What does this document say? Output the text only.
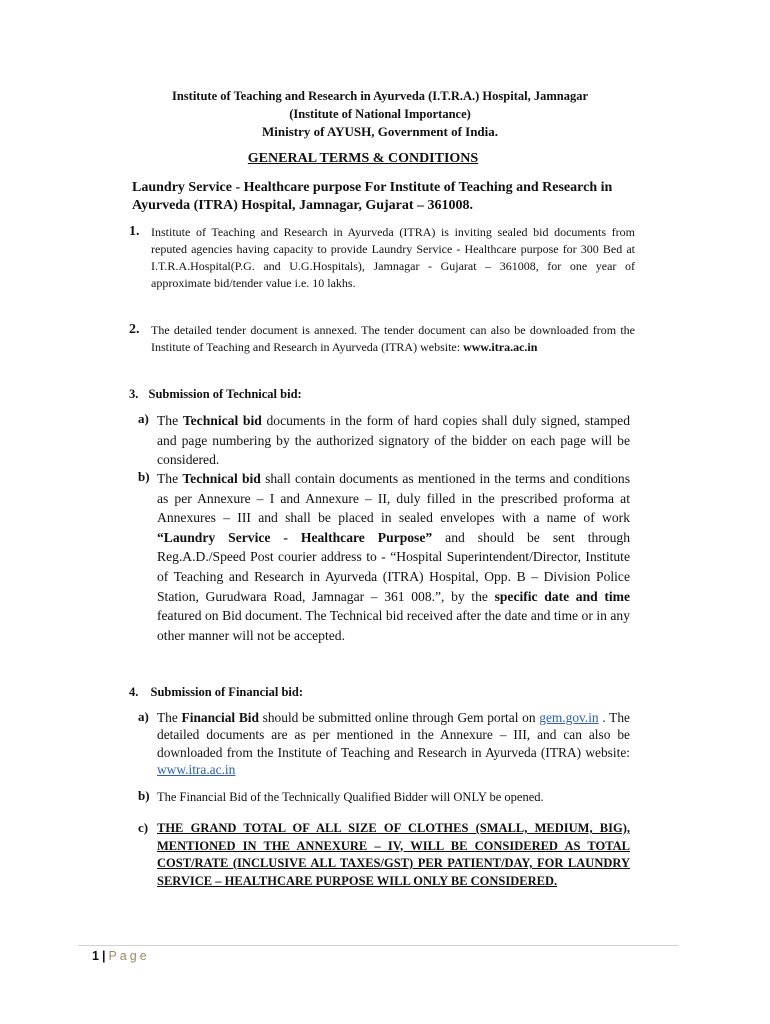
Institute of Teaching and Research in Ayurveda (I.T.R.A.) Hospital, Jamnagar
(Institute of National Importance)
Ministry of AYUSH, Government of India.
GENERAL TERMS & CONDITIONS
Laundry Service - Healthcare purpose For Institute of Teaching and Research in Ayurveda (ITRA) Hospital, Jamnagar, Gujarat – 361008.
1. Institute of Teaching and Research in Ayurveda (ITRA) is inviting sealed bid documents from reputed agencies having capacity to provide Laundry Service - Healthcare purpose for 300 Bed at I.T.R.A.Hospital(P.G. and U.G.Hospitals), Jamnagar - Gujarat – 361008, for one year of approximate bid/tender value i.e. 10 lakhs.
2. The detailed tender document is annexed. The tender document can also be downloaded from the Institute of Teaching and Research in Ayurveda (ITRA) website: www.itra.ac.in
3. Submission of Technical bid:
a) The Technical bid documents in the form of hard copies shall duly signed, stamped and page numbering by the authorized signatory of the bidder on each page will be considered.
b) The Technical bid shall contain documents as mentioned in the terms and conditions as per Annexure – I and Annexure – II, duly filled in the prescribed proforma at Annexures – III and shall be placed in sealed envelopes with a name of work “Laundry Service - Healthcare Purpose” and should be sent through Reg.A.D./Speed Post courier address to - “Hospital Superintendent/Director, Institute of Teaching and Research in Ayurveda (ITRA) Hospital, Opp. B – Division Police Station, Gurudwara Road, Jamnagar – 361 008.”, by the specific date and time featured on Bid document. The Technical bid received after the date and time or in any other manner will not be accepted.
4. Submission of Financial bid:
a) The Financial Bid should be submitted online through Gem portal on gem.gov.in . The detailed documents are as per mentioned in the Annexure – III, and can also be downloaded from the Institute of Teaching and Research in Ayurveda (ITRA) website: www.itra.ac.in
b) The Financial Bid of the Technically Qualified Bidder will ONLY be opened.
c) THE GRAND TOTAL OF ALL SIZE OF CLOTHES (SMALL, MEDIUM, BIG), MENTIONED IN THE ANNEXURE – IV, WILL BE CONSIDERED AS TOTAL COST/RATE (INCLUSIVE ALL TAXES/GST) PER PATIENT/DAY, FOR LAUNDRY SERVICE – HEALTHCARE PURPOSE WILL ONLY BE CONSIDERED.
1 | Page
